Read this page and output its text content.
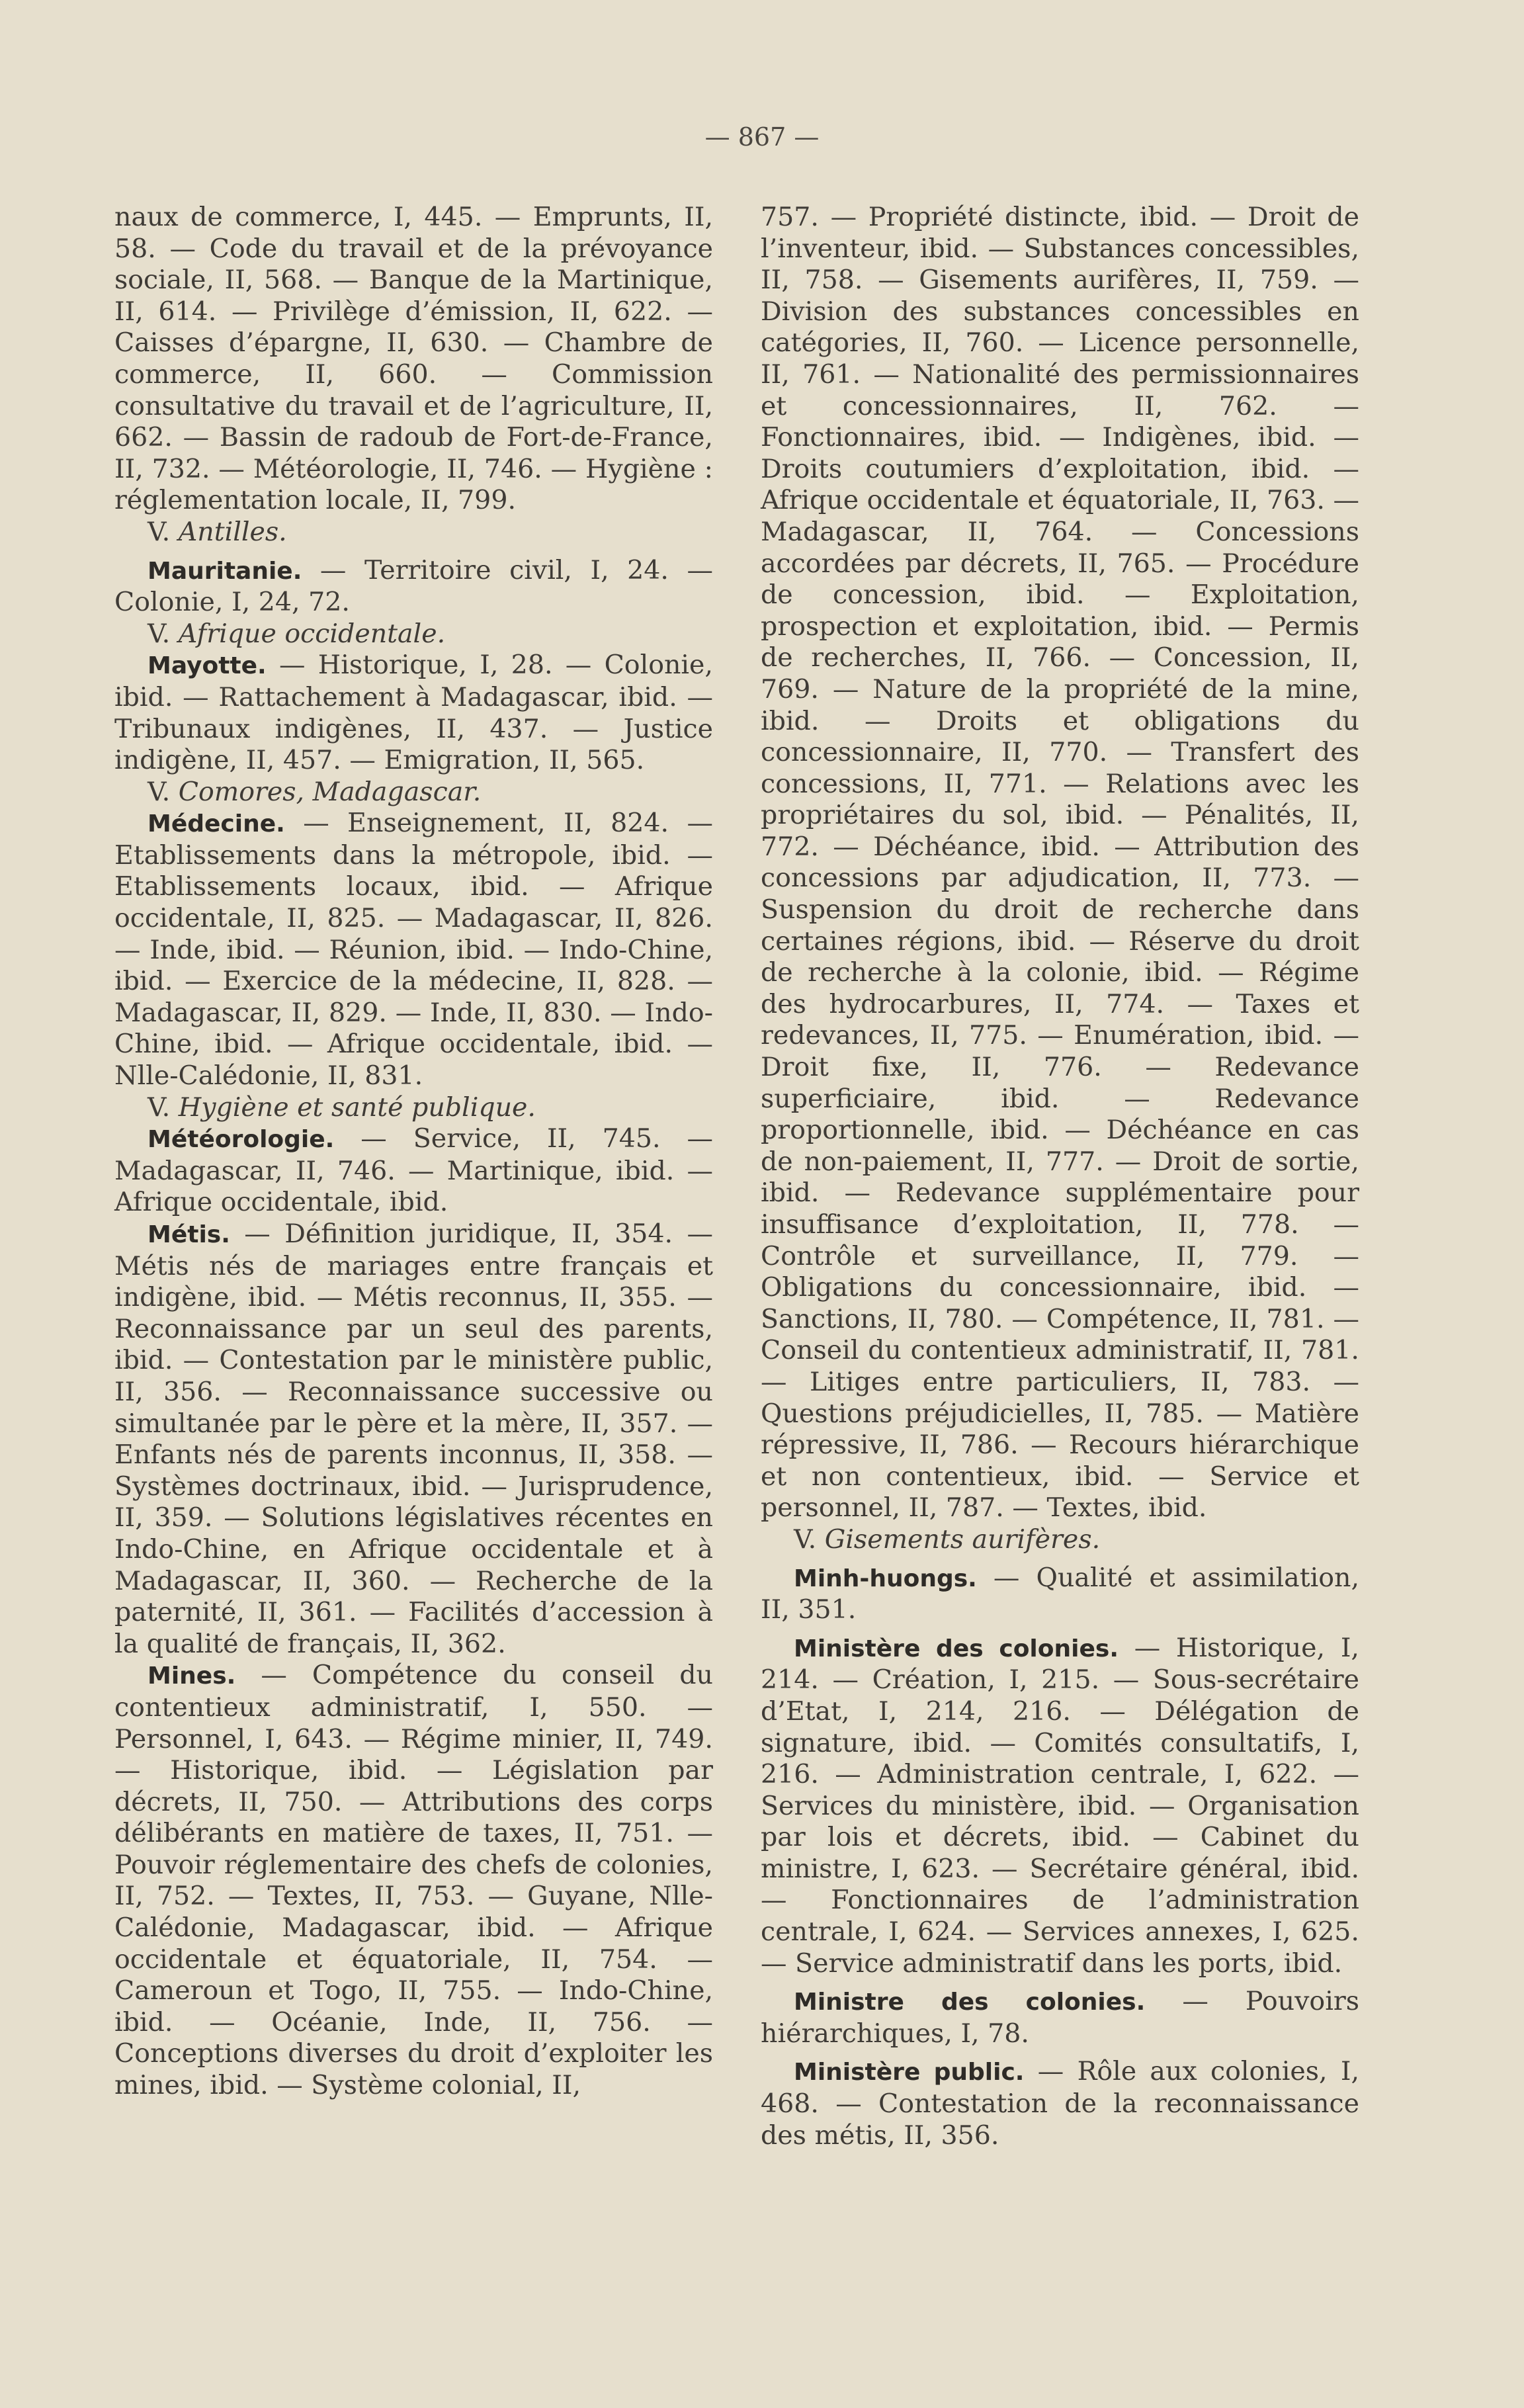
— 867 —

naux de commerce, I, 445. — Emprunts, II, 58. — Code du travail et de la prévoyance sociale, II, 568. — Banque de la Martinique, II, 614. — Privilège d’émission, II, 622. — Caisses d’épargne, II, 630. — Chambre de commerce, II, 660. — Commission consultative du travail et de l’agriculture, II, 662. — Bassin de radoub de Fort-de-France, II, 732. — Météorologie, II, 746. — Hygiène : réglementation locale, II, 799.

V. Antilles.

Mauritanie. — Territoire civil, I, 24. — Colonie, I, 24, 72.

V. Afrique occidentale.

Mayotte. — Historique, I, 28. — Colonie, ibid. — Rattachement à Madagascar, ibid. — Tribunaux indigènes, II, 437. — Justice indigène, II, 457. — Emigration, II, 565.

V. Comores, Madagascar.

Médecine. — Enseignement, II, 824. — Etablissements dans la métropole, ibid. — Etablissements locaux, ibid. — Afrique occidentale, II, 825. — Madagascar, II, 826. — Inde, ibid. — Réunion, ibid. — Indo-Chine, ibid. — Exercice de la médecine, II, 828. — Madagascar, II, 829. — Inde, II, 830. — Indo-Chine, ibid. — Afrique occidentale, ibid. — Nlle-Calédonie, II, 831.

V. Hygiène et santé publique.

Météorologie. — Service, II, 745. — Madagascar, II, 746. — Martinique, ibid. — Afrique occidentale, ibid.

Métis. — Définition juridique, II, 354. — Métis nés de mariages entre français et indigène, ibid. — Métis reconnus, II, 355. — Reconnaissance par un seul des parents, ibid. — Contestation par le ministère public, II, 356. — Reconnaissance successive ou simultanée par le père et la mère, II, 357. — Enfants nés de parents inconnus, II, 358. — Systèmes doctrinaux, ibid. — Jurisprudence, II, 359. — Solutions législatives récentes en Indo-Chine, en Afrique occidentale et à Madagascar, II, 360. — Recherche de la paternité, II, 361. — Facilités d’accession à la qualité de français, II, 362.

Mines. — Compétence du conseil du contentieux administratif, I, 550. — Personnel, I, 643. — Régime minier, II, 749. — Historique, ibid. — Législation par décrets, II, 750. — Attributions des corps délibérants en matière de taxes, II, 751. — Pouvoir réglementaire des chefs de colonies, II, 752. — Textes, II, 753. — Guyane, Nlle-Calédonie, Madagascar, ibid. — Afrique occidentale et équatoriale, II, 754. — Cameroun et Togo, II, 755. — Indo-Chine, ibid. — Océanie, Inde, II, 756. — Conceptions diverses du droit d’exploiter les mines, ibid. — Système colonial, II,

757. — Propriété distincte, ibid. — Droit de l’inventeur, ibid. — Substances concessibles, II, 758. — Gisements aurifères, II, 759. — Division des substances concessibles en catégories, II, 760. — Licence personnelle, II, 761. — Nationalité des permissionnaires et concessionnaires, II, 762. — Fonctionnaires, ibid. — Indigènes, ibid. — Droits coutumiers d’exploitation, ibid. — Afrique occidentale et équatoriale, II, 763. — Madagascar, II, 764. — Concessions accordées par décrets, II, 765. — Procédure de concession, ibid. — Exploitation, prospection et exploitation, ibid. — Permis de recherches, II, 766. — Concession, II, 769. — Nature de la propriété de la mine, ibid. — Droits et obligations du concessionnaire, II, 770. — Transfert des concessions, II, 771. — Relations avec les propriétaires du sol, ibid. — Pénalités, II, 772. — Déchéance, ibid. — Attribution des concessions par adjudication, II, 773. — Suspension du droit de recherche dans certaines régions, ibid. — Réserve du droit de recherche à la colonie, ibid. — Régime des hydrocarbures, II, 774. — Taxes et redevances, II, 775. — Enumération, ibid. — Droit fixe, II, 776. — Redevance superficiaire, ibid. — Redevance proportionnelle, ibid. — Déchéance en cas de non-paiement, II, 777. — Droit de sortie, ibid. — Redevance supplémentaire pour insuffisance d’exploitation, II, 778. — Contrôle et surveillance, II, 779. — Obligations du concessionnaire, ibid. — Sanctions, II, 780. — Compétence, II, 781. — Conseil du contentieux administratif, II, 781. — Litiges entre particuliers, II, 783. — Questions préjudicielles, II, 785. — Matière répressive, II, 786. — Recours hiérarchique et non contentieux, ibid. — Service et personnel, II, 787. — Textes, ibid.

V. Gisements aurifères.

Minh-huongs. — Qualité et assimilation, II, 351.

Ministère des colonies. — Historique, I, 214. — Création, I, 215. — Sous-secrétaire d’Etat, I, 214, 216. — Délégation de signature, ibid. — Comités consultatifs, I, 216. — Administration centrale, I, 622. — Services du ministère, ibid. — Organisation par lois et décrets, ibid. — Cabinet du ministre, I, 623. — Secrétaire général, ibid. — Fonctionnaires de l’administration centrale, I, 624. — Services annexes, I, 625. — Service administratif dans les ports, ibid.

Ministre des colonies. — Pouvoirs hiérarchiques, I, 78.

Ministère public. — Rôle aux colonies, I, 468. — Contestation de la reconnaissance des métis, II, 356.
